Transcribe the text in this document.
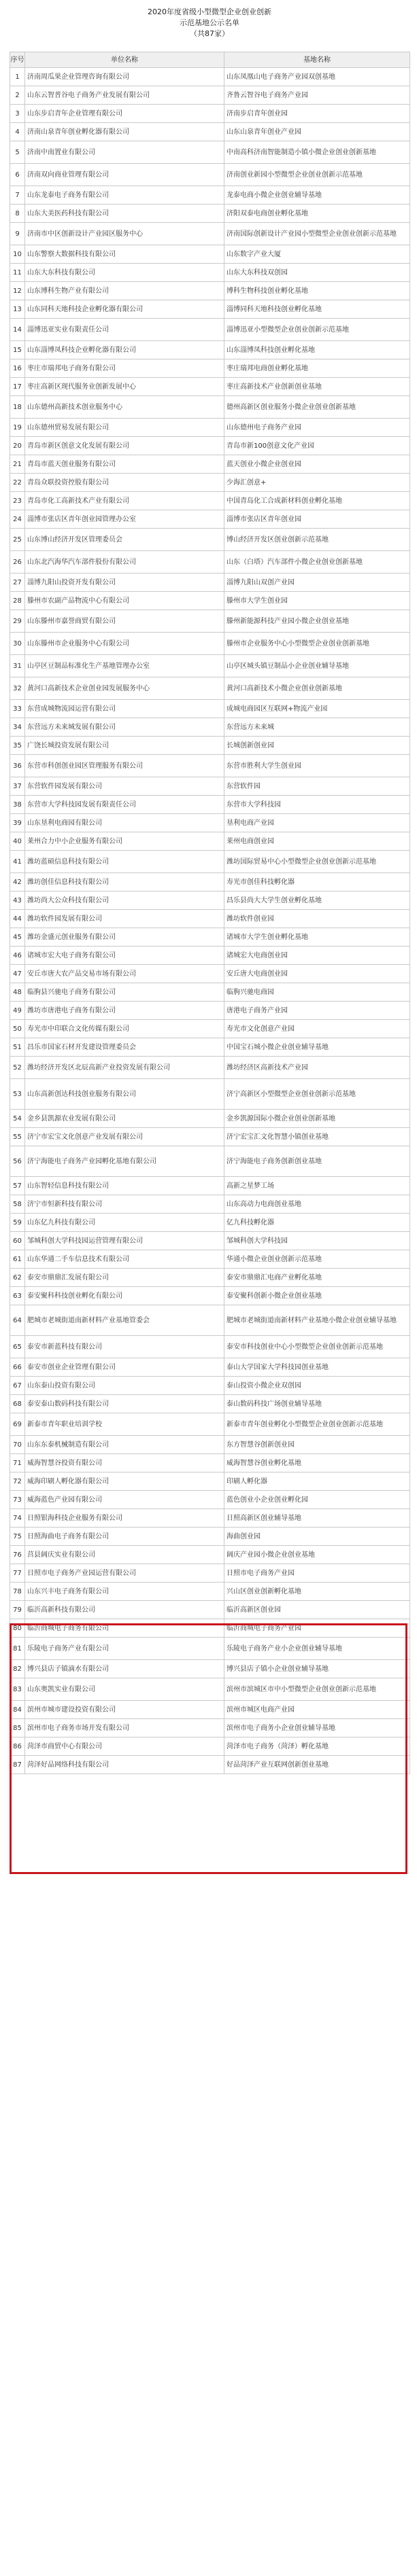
2020年度省级小型微型企业创业创新
示范基地公示名单
（共87家）
序号	单位名称	基地名称
1	济南周瓜果企业管理咨询有限公司	山东凤凰山电子商务产业园双创基地
2	山东云智普谷电子商务产业发展有限公司	齐鲁云智谷电子商务产业园
3	山东步启青年企业管理有限公司	济南步启青年创业园
4	济南山泉青年创业孵化器有限公司	山东山泉青年创业产业园
5	济南中南置业有限公司	中南高科济南智能制造小镇小微企业创业创新基地
6	济南双向商业管理有限公司	济南创业新园小型微型企业创业创新示范基地
7	山东龙泰电子商务有限公司	龙泰电商小微企业创业辅导基地
8	山东大美医药科技有限公司	济阳双泰电商创业孵化基地
9	济南市中区创新设计产业园区服务中心	济南国际创新设计产业园小型微型企业创业创新示范基地
10	山东警察大数据科技有限公司	山东数字产业大厦
11	山东大东科技有限公司	山东大东科技双创园
12	山东博科生物产业有限公司	博科生物科技创业孵化基地
13	山东同科天地科技企业孵化器有限公司	淄博同科天地科技创业孵化基地
14	淄博迅亚实业有限责任公司	淄博迅亚小型微型企业创业创新示范基地
15	山东淄博凤科技企业孵化器有限公司	山东淄博凤科技创业孵化基地
16	枣庄市瑞邦电子商务有限公司	枣庄瑞邦电商创业孵化基地
17	枣庄高新区现代服务业创新发展中心	枣庄高新技术产业创新创业基地
18	山东德州高新技术创业服务中心	德州高新区创业服务小微企业创业创新基地
19	山东德州贸易发展有限公司	山东德州电子商务产业园
20	青岛市新区创意文化发展有限公司	青岛市新100创意文化产业园
21	青岛市蓝天创业服务有限公司	蓝天创业小微企业创业园
22	青岛众联投资控股有限公司	少海汇创意+
23	青岛市化工高新技术产业有限公司	中国青岛化工合成新材料创业孵化基地
24	淄博市张店区青年创业园管理办公室	淄博市张店区青年创业园
25	山东博山经济开发区管理委员会	博山经济开发区创业创新示范基地
26	山东北汽海华汽车部件股份有限公司	山东（白塔）汽车部件小微企业创业创新基地
27	淄博九阳山投资开发有限公司	淄博九阳山双创产业园
28	滕州市农副产品物流中心有限公司	滕州市大学生创业园
29	山东滕州市嘉誉商贸有限公司	滕州新能源科技产业园小微企业创业基地
30	山东滕州市企业服务中心有限公司	滕州市企业服务中心小型微型企业创业创新基地
31	山亭区豆制品标准化生产基地管理办公室	山亭区城头镇豆制品小企业创业辅导基地
32	黄河口高新技术企业创业园发展服务中心	黄河口高新技术小微企业创业创新基地
33	东营成城物流园运营有限公司	成城电商园区互联网+物流产业园
34	东营远方未来城发展有限公司	东营远方未来城
35	广饶长城投资发展有限公司	长城创新创业园
36	东营市科创创业园区管理服务有限公司	东营市胜利大学生创业园
37	东营软件园发展有限公司	东营软件园
38	东营市大学科技园发展有限责任公司	东营市大学科技园
39	山东垦利电商园有限公司	垦利电商产业园
40	莱州合力中小企业服务有限公司	莱州电商创业园
41	潍坊蓝硕信息科技有限公司	潍坊国际贸易中心小型微型企业创业创新示范基地
42	潍坊创佳信息科技有限公司	寿光市创佳科技孵化器
43	潍坊尚大公众科技有限公司	昌乐县尚大大学生创业孵化基地
44	潍坊软件园发展有限公司	潍坊软件创业园
45	潍坊金盛元创业服务有限公司	诸城市大学生创业孵化基地
46	诸城市宏大电子商务有限公司	诸城宏大电商创业园
47	安丘市唐大农产品交易市场有限公司	安丘唐大电商创业园
48	临朐县兴驰电子商务有限公司	临朐兴驰电商园
49	潍坊市唐港电子商务有限公司	唐港电子商务产业园
50	寿光市中印联合文化传媒有限公司	寿光市文化创意产业园
51	昌乐市国家石材开发建设管理委员会	中国宝石城小微企业创业辅导基地
52	潍坊经济开发区北辰高新产业投资发展有限公司	潍坊经济区高新技术产业园
53	山东高新创达科技创业服务有限公司	济宁高新区小型微型企业创业创新示范基地
54	金乡县凯源农业发展有限公司	金乡凯源国际小微企业创业创新基地
55	济宁市宏宝文化创意产业发展有限公司	济宁宏宝汇文化智慧小镇创业基地
56	济宁海能电子商务产业园孵化基地有限公司	济宁海能电子商务创新创业基地
57	山东智轻信息科技有限公司	高新之星梦工场
58	济宁市恒新科技有限公司	山东高动力电商创业基地
59	山东亿九科技有限公司	亿九科技孵化器
60	邹城科创大学科技园运营管理有限公司	邹城科创大学科技园
61	山东华通二手车信息技术有限公司	华通小微企业创业创新示范基地
62	泰安市鼎鼎汇发展有限公司	泰安市鼎鼎汇电商产业孵化基地
63	泰安聚科科技创业孵化有限公司	泰安聚科创新小微企业创业基地
64	肥城市老城街道南新材料产业基地管委会	肥城市老城街道南新材料产业基地小微企业创业辅导基地
65	泰安市新蓝科技有限公司	泰安市科技创业中心小型微型企业创业创新示范基地
66	泰安市创业企业管理有限公司	泰山大学国家大学科技园创业基地
67	山东泰山投资有限公司	泰山投资小微企业双创园
68	泰安泰山数码科技有限公司	泰山数码科技广场创业辅导基地
69	新泰市青年职业培训学校	新泰市青年创业孵化小型微型企业创业创新示范基地
70	山东东泰机械制造有限公司	东方智慧谷创新创业园
71	威海智慧谷投资有限公司	威海智慧谷创业孵化基地
72	威海印刷人孵化器有限公司	印刷人孵化器
73	威海蓝色产业园有限公司	蓝色创业小企业创业孵化园
74	日照银海科技企业服务有限公司	日照高新区创业辅导基地
75	日照海曲电子商务有限公司	海曲创业园
76	莒县阔庆实业有限公司	阔庆产业园小微企业创业基地
77	日照市电子商务产业园运营有限公司	日照市电子商务产业园
78	山东兴丰电子商务有限公司	兴山区创业创新孵化基地
79	临沂高新科技有限公司	临沂高新区创业园
80	临沂商城电子商务有限公司	临沂商城电子商务产业园
81	乐陵电子商务产业有限公司	乐陵电子商务产业小企业创业辅导基地
82	博兴县店子镇滴水有限公司	博兴县店子镇小企业创业辅导基地
83	山东奥凯实业有限公司	滨州市滨城区市中小型微型企业创业创新示范基地
84	滨州市城市建设投资有限公司	滨州市城区电商产业园
85	滨州市电子商务市场开发有限公司	滨州市电子商务小企业创业辅导基地
86	菏泽市商贸中心有限公司	菏泽市电子商务（菏泽）孵化基地
87	菏泽好品网络科技有限公司	好品菏泽产业互联网创新创业基地
